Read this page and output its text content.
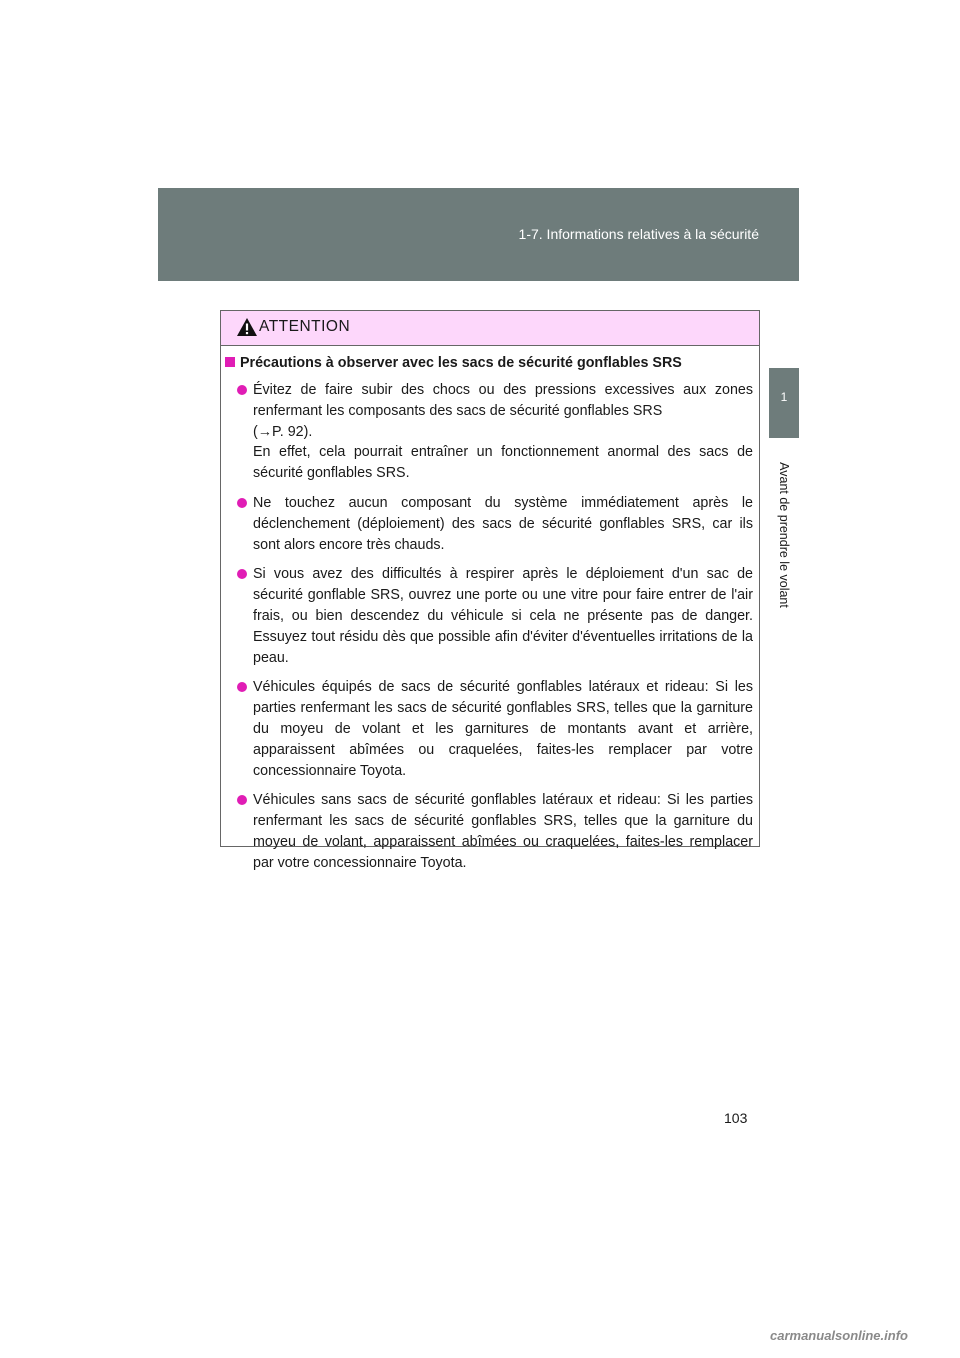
1-7. Informations relatives à la sécurité
1
Avant de prendre le volant
ATTENTION
Précautions à observer avec les sacs de sécurité gonflables SRS
Évitez de faire subir des chocs ou des pressions excessives aux zones renfermant les composants des sacs de sécurité gonflables SRS
(→P. 92).
En effet, cela pourrait entraîner un fonctionnement anormal des sacs de sécurité gonflables SRS.
Ne touchez aucun composant du système immédiatement après le déclenchement (déploiement) des sacs de sécurité gonflables SRS, car ils sont alors encore très chauds.
Si vous avez des difficultés à respirer après le déploiement d'un sac de sécurité gonflable SRS, ouvrez une porte ou une vitre pour faire entrer de l'air frais, ou bien descendez du véhicule si cela ne présente pas de danger. Essuyez tout résidu dès que possible afin d'éviter d'éventuelles irritations de la peau.
Véhicules équipés de sacs de sécurité gonflables latéraux et rideau: Si les parties renfermant les sacs de sécurité gonflables SRS, telles que la garniture du moyeu de volant et les garnitures de montants avant et arrière, apparaissent abîmées ou craquelées, faites-les remplacer par votre concessionnaire Toyota.
Véhicules sans sacs de sécurité gonflables latéraux et rideau: Si les parties renfermant les sacs de sécurité gonflables SRS, telles que la garniture du moyeu de volant, apparaissent abîmées ou craquelées, faites-les remplacer par votre concessionnaire Toyota.
103
carmanualsonline.info
